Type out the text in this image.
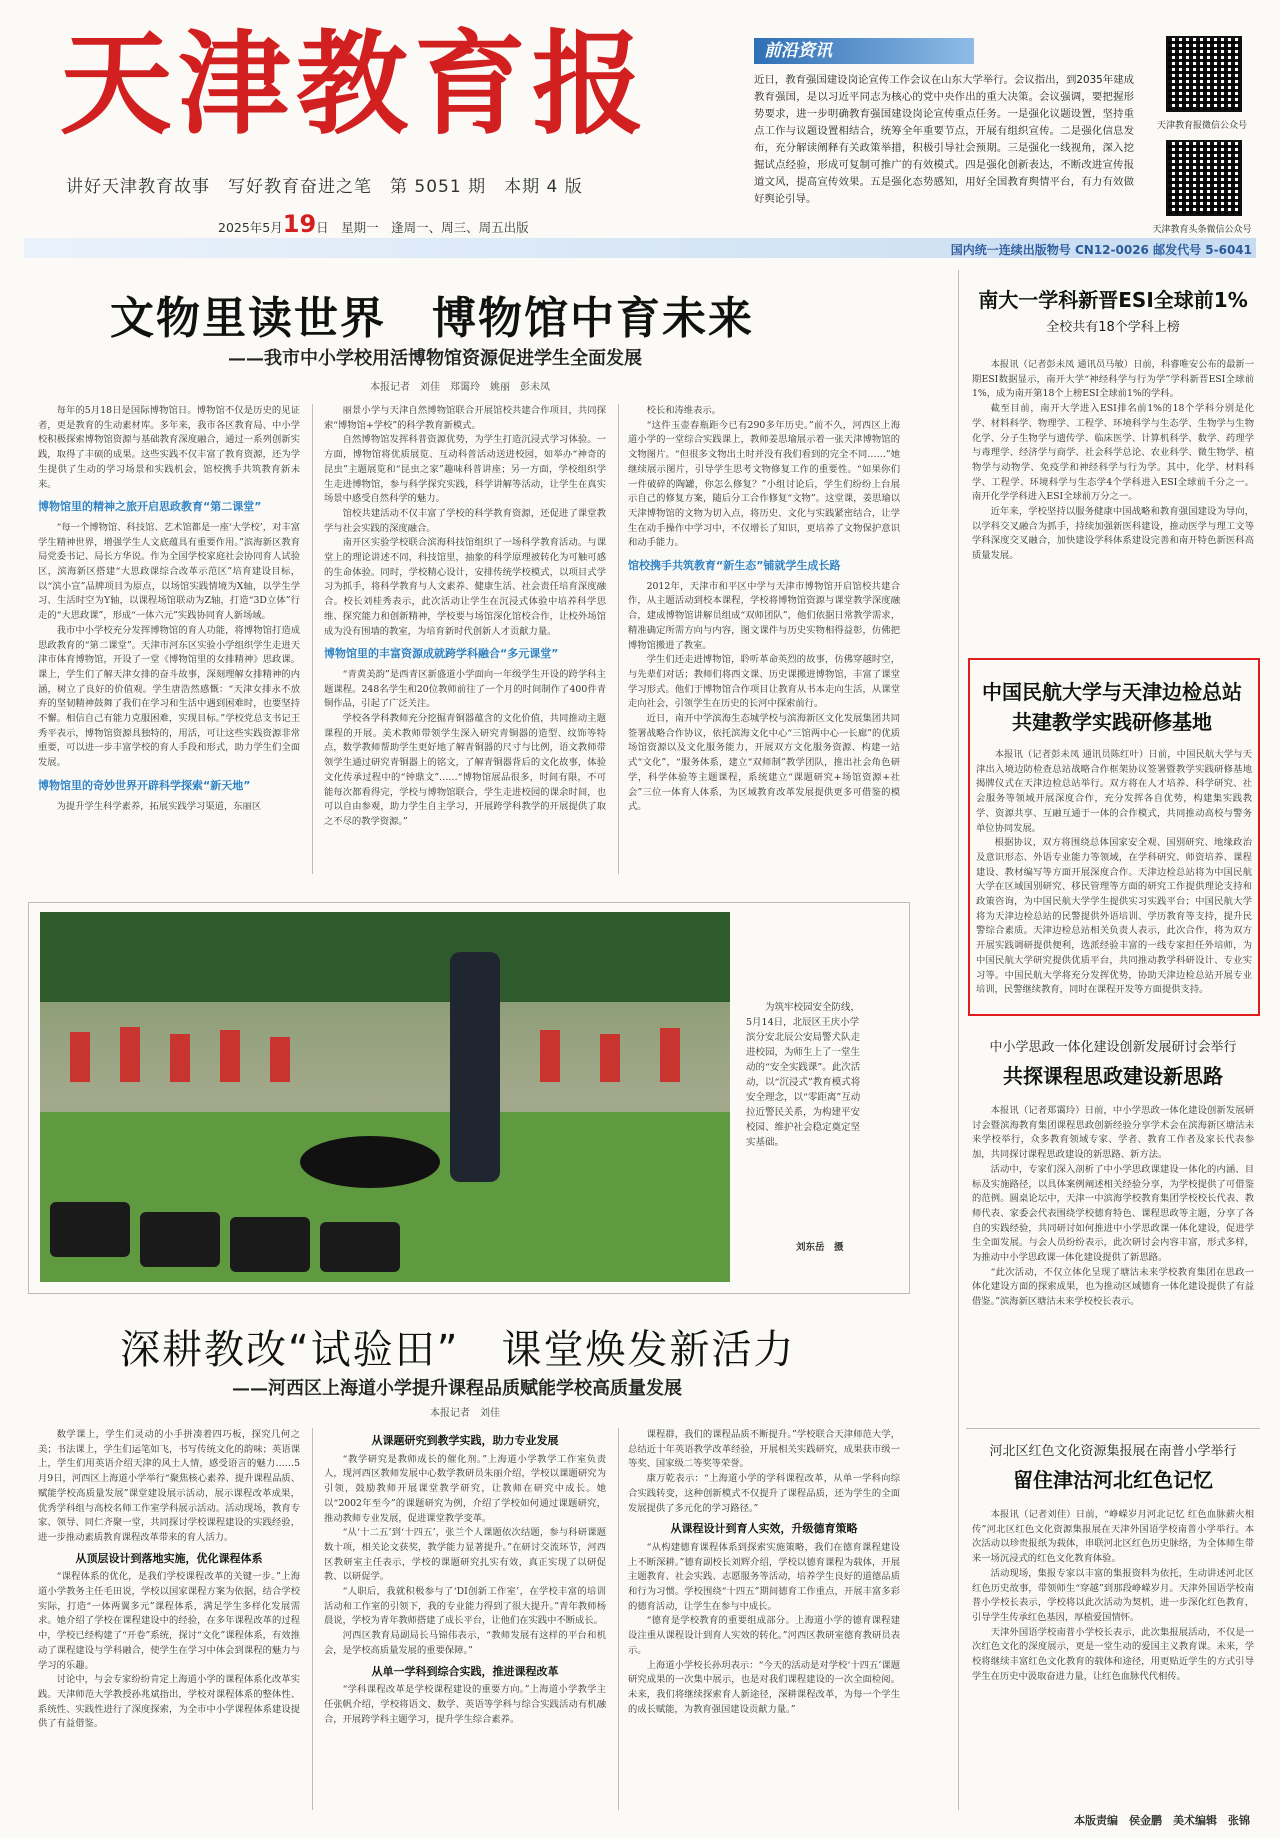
天津教育报
讲好天津教育故事　写好教育奋进之笔　第 5051 期　本期 4 版
2025年5月19日　星期一　逢周一、周三、周五出版
前沿资讯
近日，教育强国建设岗论宣传工作会议在山东大学举行。会议指出，到2035年建成教育强国，是以习近平同志为核心的党中央作出的重大决策。会议强调，要把握形势要求，进一步明确教育强国建设岗论宣传重点任务。一是强化议题设置，坚持重点工作与议题设置相结合，统筹全年重要节点，开展有组织宣传。二是强化信息发布，充分解读阐释有关政策举措，积极引导社会预期。三是强化一线视角，深入挖掘试点经验，形成可复制可推广的有效模式。四是强化创新表达，不断改进宣传报道文风，提高宣传效果。五是强化态势感知，用好全国教育舆情平台，有力有效做好舆论引导。
天津教育报微信公众号
天津教育头条微信公众号
国内统一连续出版物号 CN12-0026 邮发代号 5-6041
文物里读世界　博物馆中育未来
——我市中小学校用活博物馆资源促进学生全面发展
本报记者　刘佳　郑霭玲　姚丽　彭未凤

每年的5月18日是国际博物馆日。博物馆不仅是历史的见证者，更是教育的生动素材库。多年来，我市各区教育局、中小学校积极探索博物馆资源与基础教育深度融合，通过一系列创新实践，取得了丰硕的成果。这些实践不仅丰富了教育资源，还为学生提供了生动的学习场景和实践机会，馆校携手共筑教育新未来。

博物馆里的精神之旅开启思政教育“第二课堂”

“每一个博物馆、科技馆、艺术馆都是一座‘大学校’，对丰富学生精神世界，增强学生人文底蕴具有重要作用。”滨海新区教育局党委书记、局长方华说。作为全国学校家庭社会协同育人试验区，滨海新区搭建“大思政课综合改革示范区”培育建设目标，以“滨小宣”品牌项目为原点，以场馆实践情境为X轴，以学生学习、生活时空为Y轴，以课程场馆联动为Z轴，打造“3D立体”行走的“大思政课”，形成“一体六元”实践协同育人新场域。

我市中小学校充分发挥博物馆的育人功能，将博物馆打造成思政教育的“第二课堂”。天津市河东区实验小学组织学生走进天津市体育博物馆，开设了一堂《博物馆里的女排精神》思政课。课上，学生们了解天津女排的奋斗故事，深刻理解女排精神的内涵，树立了良好的价值观。学生唐浩然感慨：“天津女排永不放弃的坚韧精神鼓舞了我们在学习和生活中遇到困难时，也要坚持不懈。相信自己有能力克服困难，实现目标。”学校党总支书记王秀平表示，博物馆资源具独特的，用活，可让这些实践资源非常重要，可以进一步丰富学校的育人手段和形式，助力学生们全面发展。

博物馆里的奇妙世界开辟科学探索“新天地”

为提升学生科学素养，拓展实践学习渠道，东丽区

丽景小学与天津自然博物馆联合开展馆校共建合作项目，共同探索“博物馆+学校”的科学教育新模式。

自然博物馆发挥科普资源优势，为学生打造沉浸式学习体验。一方面，博物馆将优质展览、互动科普活动送进校园，如举办“神奇的昆虫”主题展览和“昆虫之家”趣味科普讲座；另一方面，学校组织学生走进博物馆，参与科学探究实践，科学讲解等活动，让学生在真实场景中感受自然科学的魅力。

馆校共建活动不仅丰富了学校的科学教育资源，还促进了课堂教学与社会实践的深度融合。

南开区实验学校联合滨海科技馆组织了一场科学教育活动。与课堂上的理论讲述不同，科技馆里，抽象的科学原理被转化为可触可感的生命体验。同时，学校精心设计，安排传统学校模式，以项目式学习为抓手，将科学教育与人文素养、健康生活、社会责任培育深度融合。校长刘桂秀表示，此次活动让学生在沉浸式体验中培养科学思维、探究能力和创新精神，学校要与场馆深化馆校合作，让校外场馆成为没有围墙的教室，为培育新时代创新人才贡献力量。

博物馆里的丰富资源成就跨学科融合“多元课堂”

“青黄美韵”是西青区新盛道小学面向一年级学生开设的跨学科主题课程。248名学生和20位教师前往了一个月的时间制作了400件青铜作品，引起了广泛关注。

学校各学科教师充分挖掘青铜器蕴含的文化价值，共同推动主题课程的开展。美术教师带领学生深入研究青铜器的造型、纹饰等特点，数学教师帮助学生更好地了解青铜器的尺寸与比例，语文教师带领学生通过研究青铜器上的铭文，了解青铜器背后的文化故事，体验文化传承过程中的“钟鼎文”……“博物馆展品很多，时间有限，不可能每次都看得完，学校与博物馆联合，学生走进校园的课余时间，也可以自由参观，助力学生自主学习，开展跨学科教学的开展提供了取之不尽的教学资源。”

校长和涛维表示。

“这件玉壶春瓶距今已有290多年历史。”前不久，河西区上海道小学的一堂综合实践课上，教师姜思瑜展示着一张天津博物馆的文物图片。“但很多文物出土时并没有我们看到的完全不同……”她继续展示图片，引导学生思考文物修复工作的重要性。“如果你们一件破碎的陶罐，你怎么修复？”小组讨论后，学生们纷纷上台展示自己的修复方案，随后分工合作修复“文物”。这堂课，姜思瑜以天津博物馆的文物为切入点，将历史、文化与实践紧密结合，让学生在动手操作中学习中，不仅增长了知识，更培养了文物保护意识和动手能力。

馆校携手共筑教育“新生态”铺就学生成长路

2012年，天津市和平区中学与天津市博物馆开启馆校共建合作，从主题活动到校本课程，学校将博物馆资源与课堂教学深度融合，建成博物馆讲解员组成“双师团队”，他们依据日常教学需求，精准确定所需方向与内容，图文课件与历史实物相得益彰，仿佛把博物馆搬进了教室。

学生们还走进博物馆，聆听革命英烈的故事，仿佛穿越时空，与先辈们对话；教师们将西文课、历史课搬进博物馆，丰富了课堂学习形式。他们于博物馆合作项目让教育从书本走向生活，从课堂走向社会，引领学生在历史的长河中探索前行。

近日，南开中学滨海生态城学校与滨海新区文化发展集团共同签署战略合作协议，依托滨海文化中心“三馆两中心一长廊”的优质场馆资源以及文化服务能力，开展双方文化服务资源、构建一站式“文化”，“服务体系，建立“双师制”教学团队，推出社会角色研学，科学体验等主题课程，系统建立“课题研究+场馆资源+社会”三位一体育人体系，为区域教育改革发展提供更多可借鉴的模式。

为筑牢校园安全防线，5月14日，北辰区王庆小学滨分安北辰公安局警犬队走进校园，为师生上了一堂生动的“安全实践课”。此次活动，以“沉浸式”教育模式将安全理念，以“零距离”互动拉近警民关系，为构建平安校园、维护社会稳定奠定坚实基础。
刘东岳　摄
深耕教改“试验田”　课堂焕发新活力
——河西区上海道小学提升课程品质赋能学校高质量发展
本报记者　刘佳

数学课上，学生们灵动的小手拼凑着四巧板，探究几何之美；书法课上，学生们运笔如飞，书写传统文化的韵味；英语课上，学生们用英语介绍天津的风土人情，感受语言的魅力……5月9日，河西区上海道小学举行“聚焦核心素养、提升课程品质、赋能学校高质量发展”课堂建设展示活动，展示课程改革成果，优秀学科组与高校名师工作室学科展示活动。活动现场，教育专家、领导、同仁齐聚一堂，共同探讨学校课程建设的实践经验，进一步推动素质教育课程改革带来的育人活力。

从顶层设计到落地实施，优化课程体系

“课程体系的优化，是我们学校课程改革的关键一步。”上海道小学教务主任毛田说，学校以国家课程方案为依据，结合学校实际，打造“一体两翼多元”课程体系，满足学生多样化发展需求。她介绍了学校在课程建设中的经验，在多年课程改革的过程中，学校已经构建了“开卷”系统，探讨“文化”课程体系，有效推动了课程建设与学科融合，使学生在学习中体会到课程的魅力与学习的乐趣。

讨论中，与会专家纷纷肯定上海道小学的课程体系化改革实践。天津师范大学教授孙兆斌指出，学校对课程体系的整体性、系统性、实践性进行了深度探索，为全市中小学课程体系建设提供了有益借鉴。

从课题研究到教学实践，助力专业发展

“教学研究是教师成长的催化剂。”上海道小学教学工作室负责人，现河西区教师发展中心数学教研员朱丽介绍，学校以课题研究为引领，鼓励教师开展课堂教学研究，让教师在研究中成长。她以“2002年至今”的课题研究为例，介绍了学校如何通过课题研究，推动教师专业发展，促进课堂教学变革。

“从‘十二五’到‘十四五’，张兰个人课题依次结题，参与科研课题数十项，相关论文获奖，教学能力显著提升。”在研讨交流环节，河西区教研室主任表示，学校的课题研究扎实有效，真正实现了以研促教、以研促学。

“人职后，我就积极参与了‘DI创新工作室’，在学校丰富的培训活动和工作室的引领下，我的专业能力得到了很大提升。”青年教师杨晨说，学校为青年教师搭建了成长平台，让他们在实践中不断成长。

河西区教育局副局长马锦伟表示，“教师发展有这样的平台和机会，是学校高质量发展的重要保障。”

从单一学科到综合实践，推进课程改革

“学科课程改革是学校课程建设的重要方向。”上海道小学教学主任张帆介绍，学校将语文、数学、英语等学科与综合实践活动有机融合，开展跨学科主题学习，提升学生综合素养。

课程群，我们的课程品质不断提升。”学校联合天津师范大学，总结近十年英语教学改革经验，开展相关实践研究，成果获市级一等奖、国家级二等奖等荣誉。

康万乾表示：“上海道小学的学科课程改革，从单一学科向综合实践转变，这种创新模式不仅提升了课程品质，还为学生的全面发展提供了多元化的学习路径。”

从课程设计到育人实效，升级德育策略

“从构建德育课程体系到探索实施策略，我们在德育课程建设上不断深耕。”德育副校长刘辉介绍，学校以德育课程为载体，开展主题教育、社会实践、志愿服务等活动，培养学生良好的道德品质和行为习惯。学校围绕“十四五”期间德育工作重点，开展丰富多彩的德育活动，让学生在参与中成长。

“德育是学校教育的重要组成部分。上海道小学的德育课程建设注重从课程设计到育人实效的转化。”河西区教研室德育教研员表示。

上海道小学校长孙玥表示：“今天的活动是对学校‘十四五’课题研究成果的一次集中展示，也是对我们课程建设的一次全面检阅。未来，我们将继续探索育人新途径，深耕课程改革，为每一个学生的成长赋能，为教育强国建设贡献力量。”

南大一学科新晋ESI全球前1%
全校共有18个学科上榜

本报讯（记者彭未凤 通讯员马敏）日前，科睿唯安公布的最新一期ESI数据显示，南开大学“神经科学与行为学”学科新晋ESI全球前1%，成为南开第18个上榜ESI全球前1%的学科。

截至目前，南开大学进入ESI排名前1%的18个学科分别是化学、材料科学、物理学、工程学、环境科学与生态学、生物学与生物化学、分子生物学与遗传学、临床医学、计算机科学、数学、药理学与毒理学、经济学与商学、社会科学总论、农业科学、微生物学、植物学与动物学、免疫学和神经科学与行为学。其中，化学、材料科学、工程学、环境科学与生态学4个学科进入ESI全球前千分之一。南开化学学科进入ESI全球前万分之一。

近年来，学校坚持以服务健康中国战略和教育强国建设为导向，以学科交叉融合为抓手，持续加强新医科建设，推动医学与理工文等学科深度交叉融合，加快建设学科体系建设完善和南开特色新医科高质量发展。

中国民航大学与天津边检总站
共建教学实践研修基地

本报讯（记者彭未凤 通讯员陈红叶）日前，中国民航大学与天津出入境边防检查总站战略合作框架协议签署暨教学实践研修基地揭牌仪式在天津边检总站举行。双方将在人才培养、科学研究、社会服务等领域开展深度合作，充分发挥各自优势，构建集实践教学、资源共享、互融互通于一体的合作模式，共同推动高校与警务单位协同发展。

根据协议，双方将围绕总体国家安全观、国别研究、地缘政治及意识形态、外语专业能力等领域，在学科研究、师资培养、课程建设、教材编写等方面开展深度合作。天津边检总站将为中国民航大学在区域国别研究、移民管理等方面的研究工作提供理论支持和政策咨询，为中国民航大学学生提供实习实践平台；中国民航大学将为天津边检总站的民警提供外语培训、学历教育等支持，提升民警综合素质。天津边检总站相关负责人表示，此次合作，将为双方开展实践调研提供便利，选派经验丰富的一线专家担任外培师，为中国民航大学研究提供优质平台，共同推动教学科研设计、专业实习等。中国民航大学将充分发挥优势，协助天津边检总站开展专业培训，民警继续教育，同时在课程开发等方面提供支持。

中小学思政一体化建设创新发展研讨会举行
共探课程思政建设新思路

本报讯（记者郑霭玲）日前，中小学思政一体化建设创新发展研讨会暨滨海教育集团课程思政创新经验分享学术会在滨海新区塘沽未来学校举行，众多教育领域专家、学者、教育工作者及家长代表参加，共同探讨课程思政建设的新思路、新方法。

活动中，专家们深入剖析了中小学思政课建设一体化的内涵、目标及实施路径，以具体案例阐述相关经验分享，为学校提供了可借鉴的范例。圆桌论坛中，天津一中滨海学校教育集团学校校长代表、教师代表、家委会代表围绕学校德育特色、课程思政等主题，分享了各自的实践经验，共同研讨如何推进中小学思政课一体化建设，促进学生全面发展。与会人员纷纷表示，此次研讨会内容丰富，形式多样，为推动中小学思政课一体化建设提供了新思路。

“此次活动，不仅立体化呈现了塘沽未来学校教育集团在思政一体化建设方面的探索成果，也为推动区域德育一体化建设提供了有益借鉴。”滨海新区塘沽未来学校校长表示。

河北区红色文化资源集报展在南普小学举行
留住津沽河北红色记忆

本报讯（记者刘佳）日前，“峥嵘岁月河北记忆 红色血脉薪火相传”河北区红色文化资源集报展在天津外国语学校南普小学举行。本次活动以珍贵报纸为载体，串联河北区红色历史脉络，为全体师生带来一场沉浸式的红色文化教育体验。

活动现场，集报专家以丰富的集报资料为依托，生动讲述河北区红色历史故事，带领师生“穿越”到那段峥嵘岁月。天津外国语学校南普小学校长表示，学校将以此次活动为契机，进一步深化红色教育，引导学生传承红色基因，厚植爱国情怀。

天津外国语学校南普小学校长表示，此次集报展活动，不仅是一次红色文化的深度展示，更是一堂生动的爱国主义教育课。未来，学校将继续丰富红色文化教育的载体和途径，用更贴近学生的方式引导学生在历史中汲取奋进力量，让红色血脉代代相传。

本版责编　侯金鹏　美术编辑　张锦
